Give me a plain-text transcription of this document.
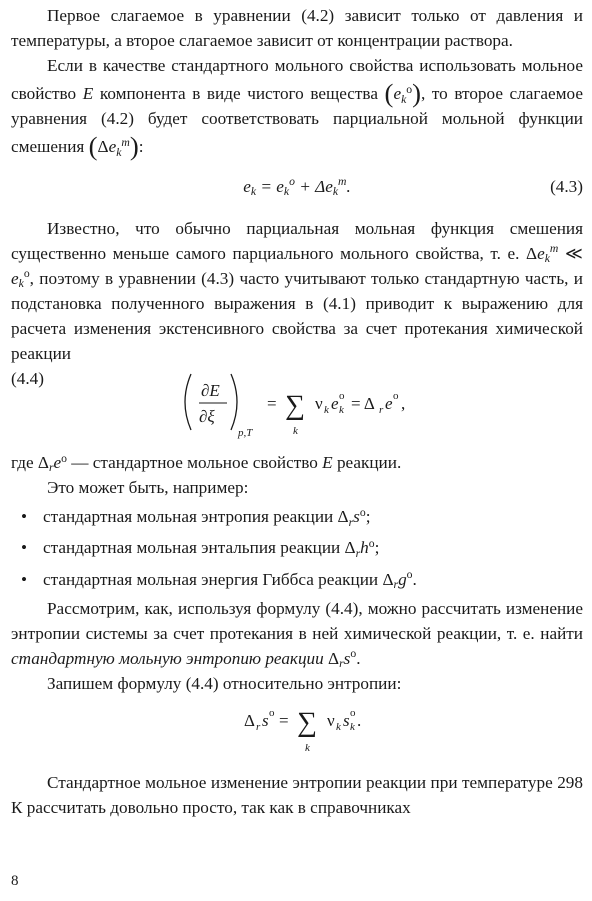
Первое слагаемое в уравнении (4.2) зависит только от давления и температуры, а второе слагаемое зависит от концентрации раствора.

Если в качестве стандартного мольного свойства использовать мольное свойство E компонента в виде чистого вещества $(e_k^o)$, то второе слагаемое уравнения (4.2) будет соответствовать парциальной мольной функции смешения $(\Delta e_k^m)$:

$e_k = e_k^o + \Delta e_k^m$.	(4.3)

Известно, что обычно парциальная мольная функция смешения существенно меньше самого парциального мольного свойства, т. е. $\Delta e_k^m$ ≪ $e_k^o$, поэтому в уравнении (4.3) часто учитывают только стандартную часть, и подстановка полученного выражения в (4.1) приводит к выражению для расчета изменения экстенсивного свойства за счет протекания химической реакции

∂E
∂ξ
p,T
= ∑
k
ν k e k
o = Δ r e o ,
(4.4)

где $\Delta_re^o$ — стандартное мольное свойство E реакции.

Это может быть, например:

• стандартная мольная энтропия реакции $\Delta_rs^o$;

• стандартная мольная энтальпия реакции $\Delta_rh^o$;

• стандартная мольная энергия Гиббса реакции $\Delta_rg^o$.

Рассмотрим, как, используя формулу (4.4), можно рассчитать изменение энтропии системы за счет протекания в ней химической реакции, т. е. найти стандартную мольную энтропию реакции $\Delta_rs^o$.

Запишем формулу (4.4) относительно энтропии:

Δ r s o = ∑
k
ν k s o
k .

Стандартное мольное изменение энтропии реакции при температуре 298 К рассчитать довольно просто, так как в справочниках

8
